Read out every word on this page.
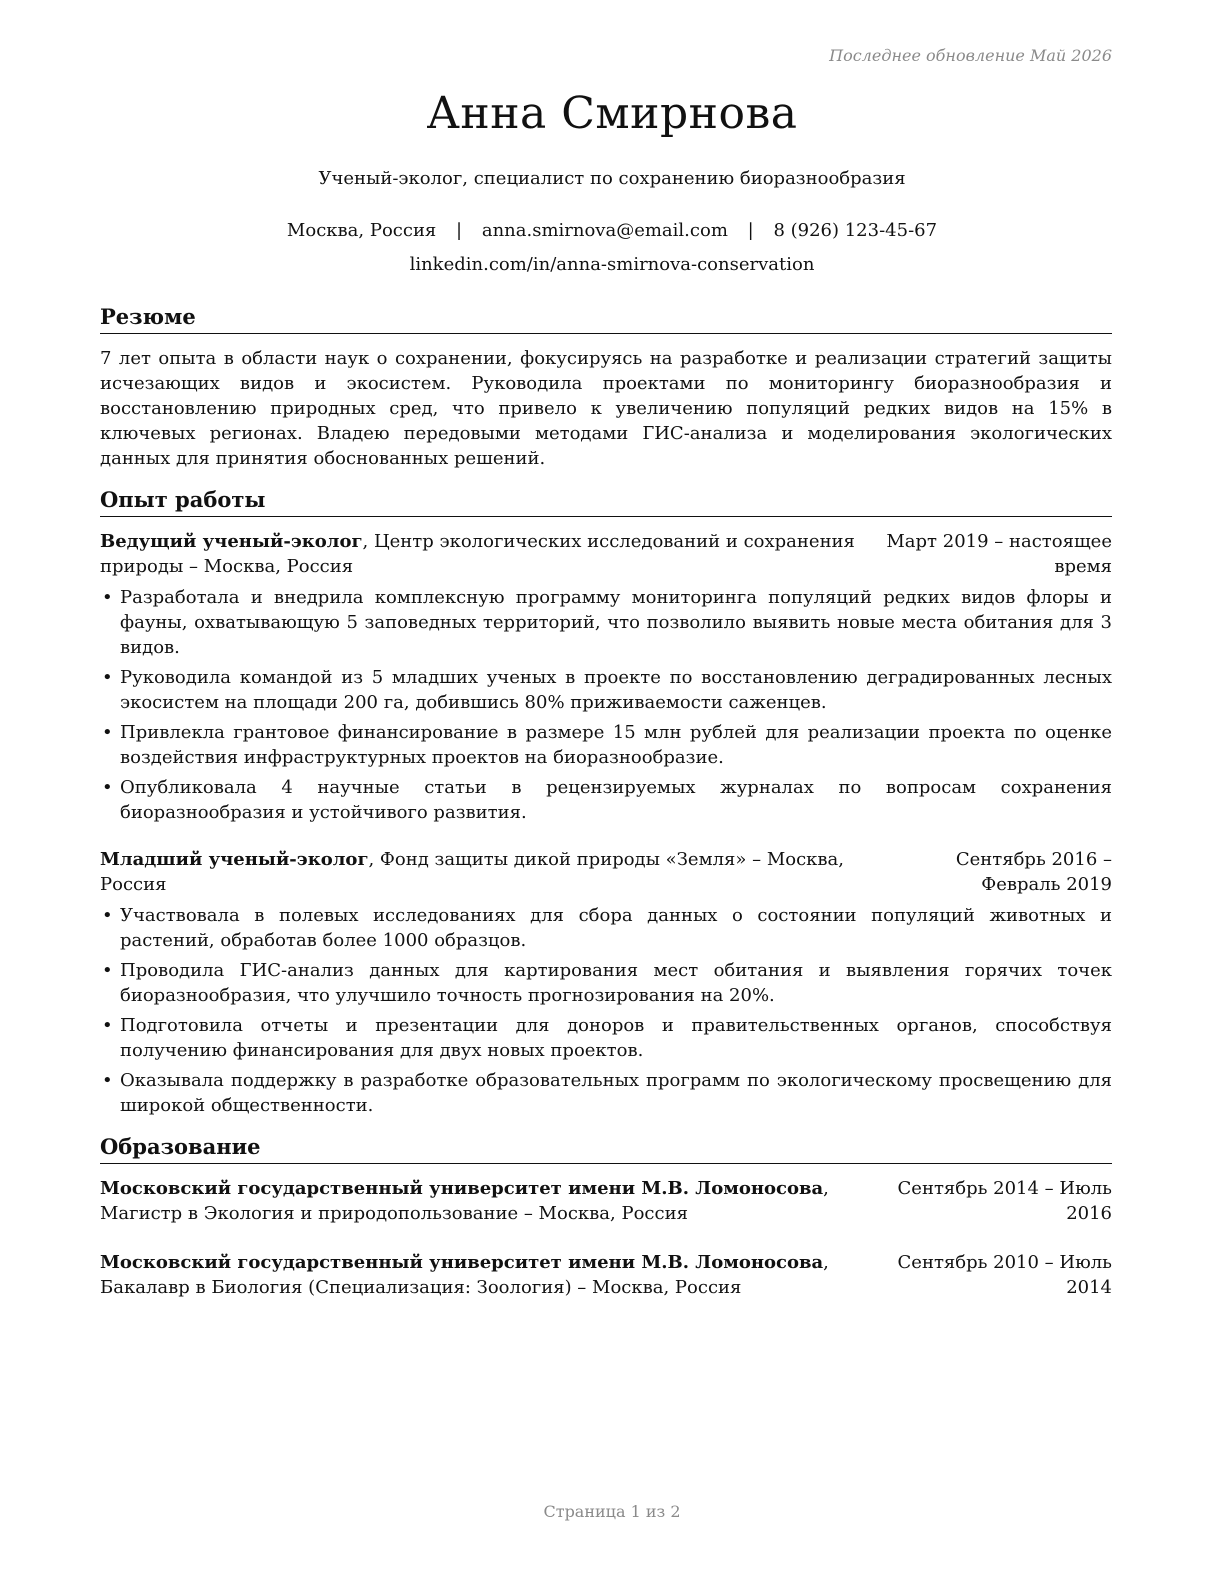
Последнее обновление Май 2026
Анна Смирнова
Ученый-эколог, специалист по сохранению биоразнообразия
Москва, Россия | anna.smirnova@email.com | 8 (926) 123-45-67
linkedin.com/in/anna-smirnova-conservation
Резюме

7 лет опыта в области наук о сохранении, фокусируясь на разработке и реализации стратегий защиты исчезающих видов и экосистем. Руководила проектами по мониторингу биоразнообразия и восстановлению природных сред, что привело к увеличению популяций редких видов на 15% в ключевых регионах. Владею передовыми методами ГИС-анализа и моделирования экологических данных для принятия обоснованных решений.

Опыт работы
Ведущий ученый-эколог, Центр экологических исследований и сохранения природы – Москва, Россия
Март 2019 – настоящее время
• Разработала и внедрила комплексную программу мониторинга популяций редких видов флоры и фауны, охватывающую 5 заповедных территорий, что позволило выявить новые места обитания для 3 видов.
• Руководила командой из 5 младших ученых в проекте по восстановлению деградированных лесных экосистем на площади 200 га, добившись 80% приживаемости саженцев.
• Привлекла грантовое финансирование в размере 15 млн рублей для реализации проекта по оценке воздействия инфраструктурных проектов на биоразнообразие.
• Опубликовала 4 научные статьи в рецензируемых журналах по вопросам сохранения биоразнообразия и устойчивого развития.
Младший ученый-эколог, Фонд защиты дикой природы «Земля» – Москва, Россия
Сентябрь 2016 – Февраль 2019
• Участвовала в полевых исследованиях для сбора данных о состоянии популяций животных и растений, обработав более 1000 образцов.
• Проводила ГИС-анализ данных для картирования мест обитания и выявления горячих точек биоразнообразия, что улучшило точность прогнозирования на 20%.
• Подготовила отчеты и презентации для доноров и правительственных органов, способствуя получению финансирования для двух новых проектов.
• Оказывала поддержку в разработке образовательных программ по экологическому просвещению для широкой общественности.
Образование
Московский государственный университет имени М.В. Ломоносова, Магистр в Экология и природопользование – Москва, Россия
Сентябрь 2014 – Июль 2016
Московский государственный университет имени М.В. Ломоносова, Бакалавр в Биология (Специализация: Зоология) – Москва, Россия
Сентябрь 2010 – Июль 2014
Страница 1 из 2
